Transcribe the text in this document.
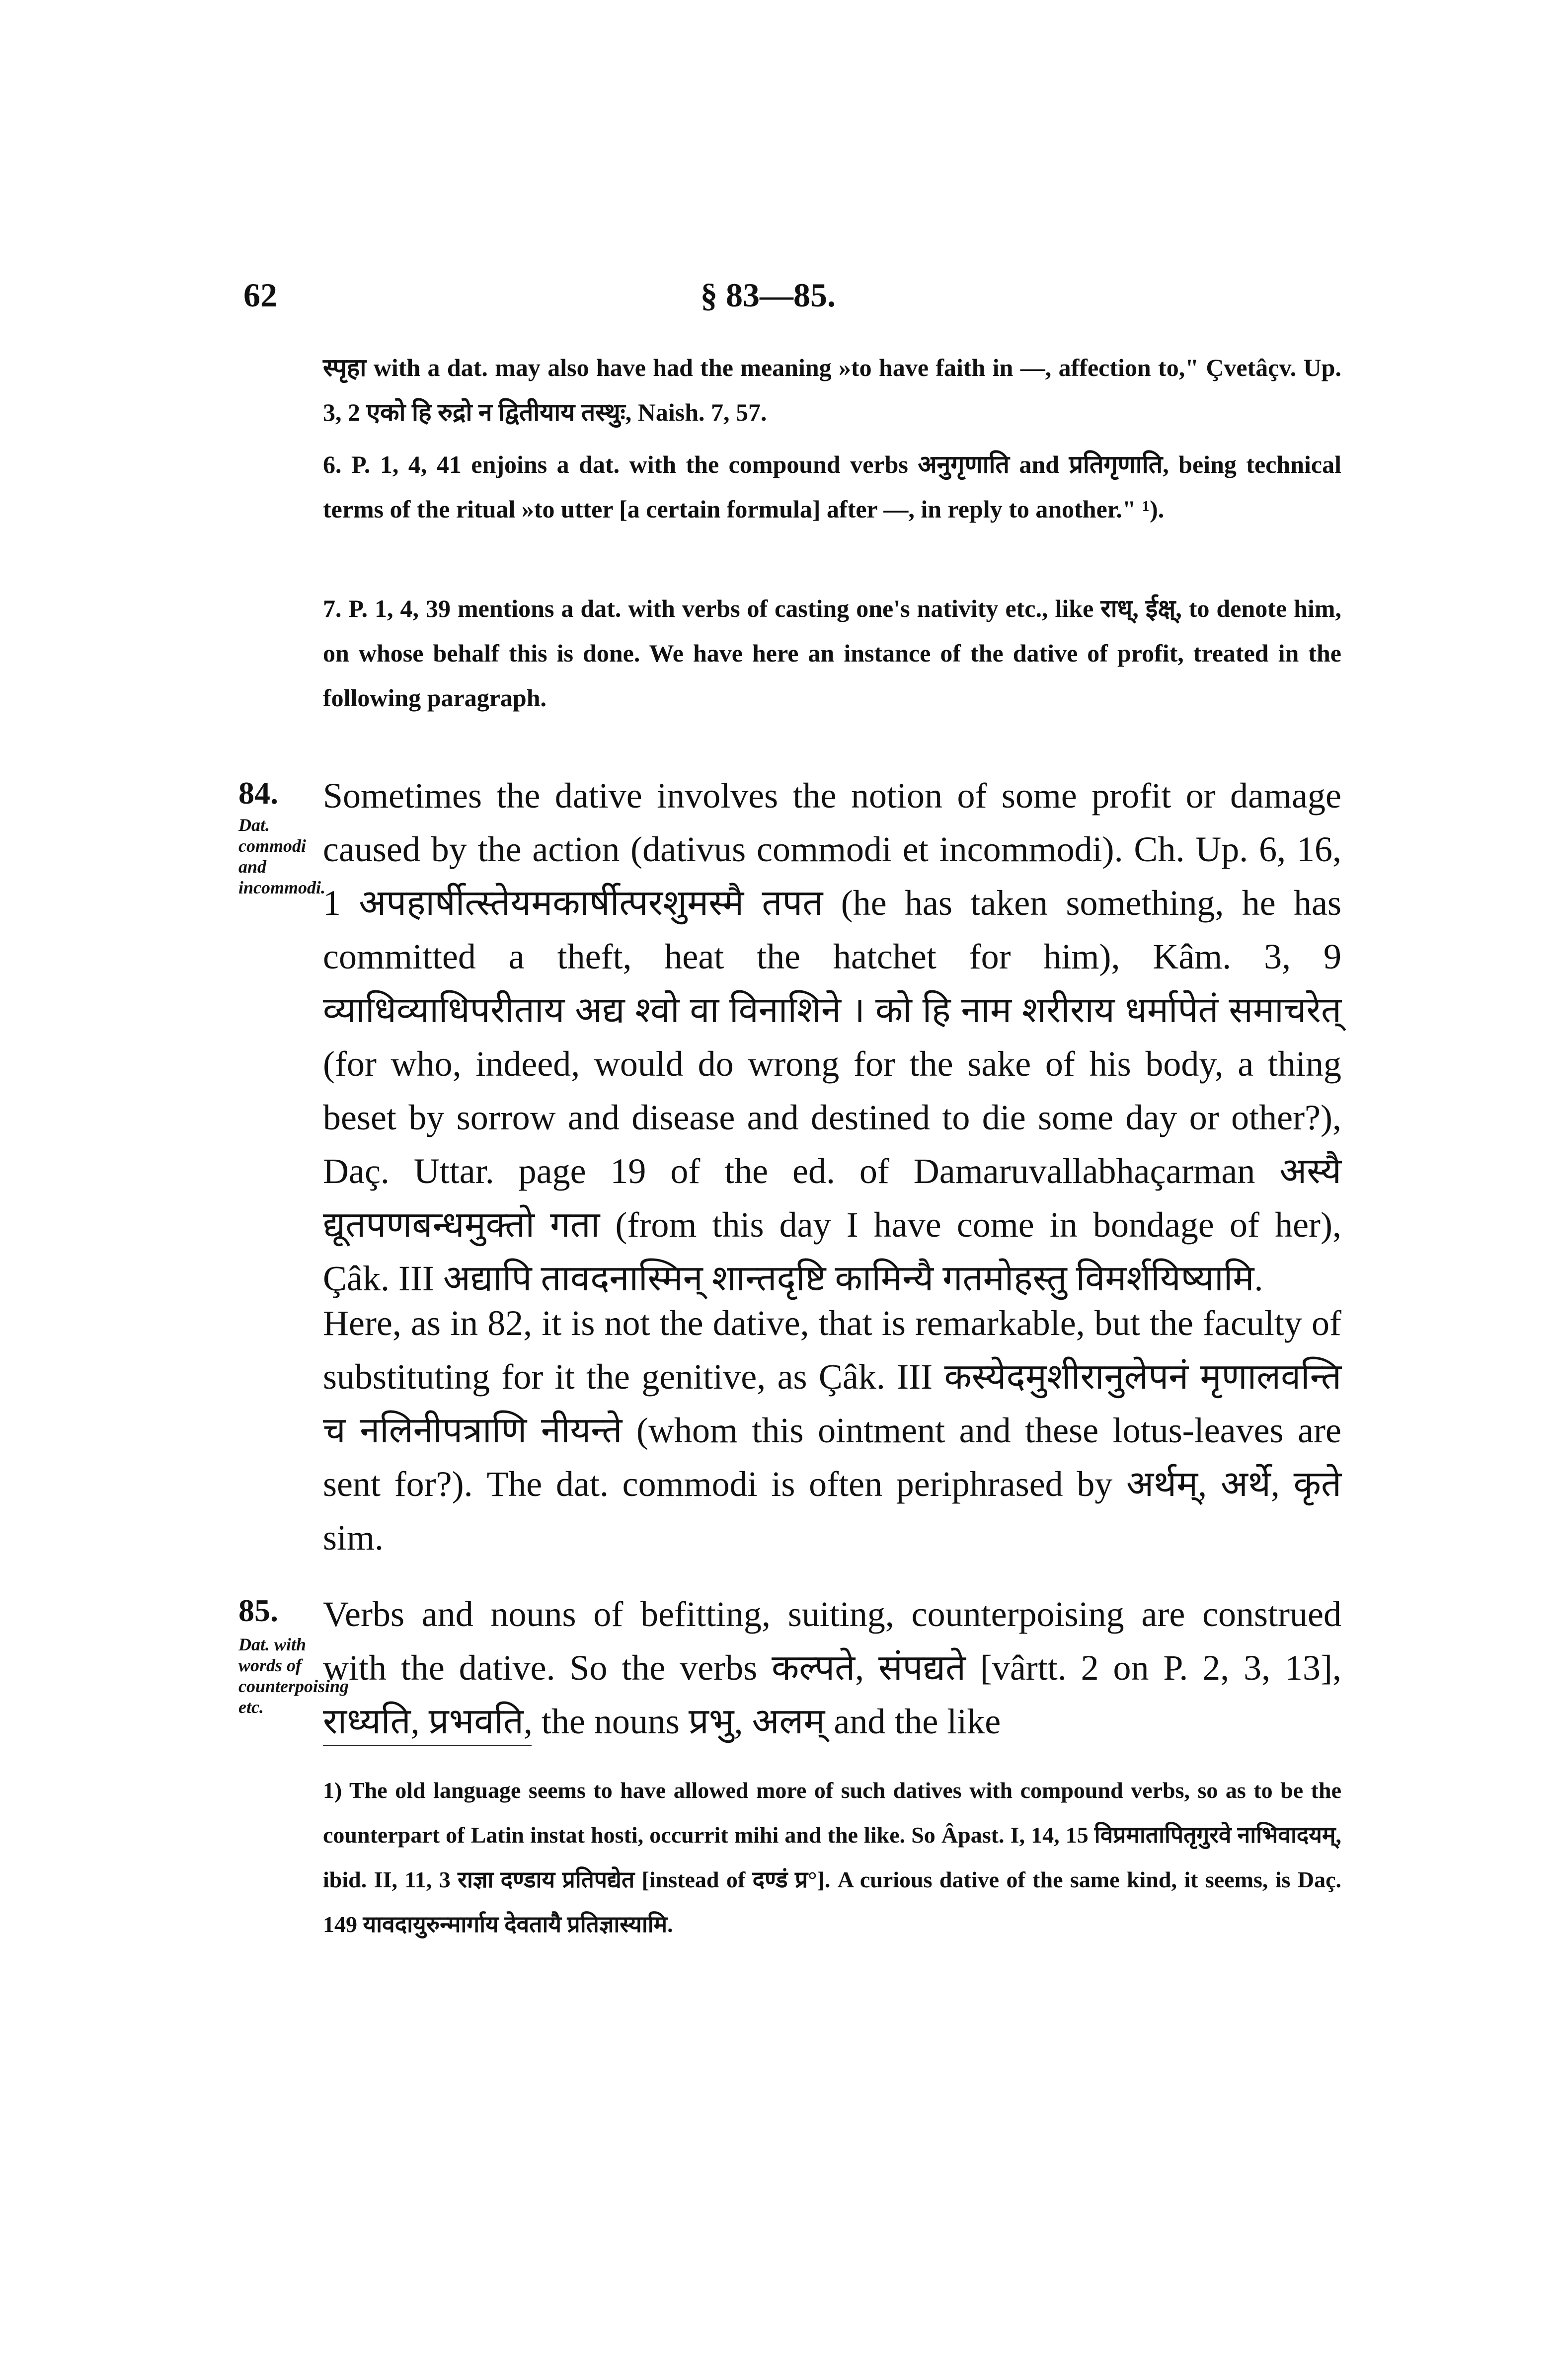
62	§ 83—85.
स्पृहा with a dat. may also have had the meaning »to have faith in —, affection to," Çvetâçv. Up. 3, 2 एको हि रुद्रो न द्वितीयाय तस्थुः, Naish. 7, 57.
6. P. 1, 4, 41 enjoins a dat. with the compound verbs अनुगृणाति and प्रतिगृणाति, being technical terms of the ritual »to utter [a certain formula] after —, in reply to another." ¹).
7. P. 1, 4, 39 mentions a dat. with verbs of casting one's nativity etc., like राध्, ईक्ष्, to denote him, on whose behalf this is done. We have here an instance of the dative of profit, treated in the following paragraph.
84.
Dat. commodi and incommodi.
Sometimes the dative involves the notion of some profit or damage caused by the action (dativus commodi et incommodi). Ch. Up. 6, 16, 1 अपहार्षीत्स्तेयमकार्षीत्परशुमस्मै तपत (he has taken something, he has committed a theft, heat the hatchet for him), Kâm. 3, 9 व्याधिव्याधिपरीताय अद्य श्वो वा विनाशिने । को हि नाम शरीराय धर्मापेतं समाचरेत् (for who, indeed, would do wrong for the sake of his body, a thing beset by sorrow and disease and destined to die some day or other?), Daç. Uttar. page 19 of the ed. of Damaruvallabhaçarman अस्यै द्यूतपणबन्धमुक्तो गता (from this day I have come in bondage of her), Çâk. III अद्यापि तावदनास्मिन् शान्तदृष्टि कामिन्यै गतमोहस्तु विमर्शयिष्यामि.
Here, as in 82, it is not the dative, that is remarkable, but the faculty of substituting for it the genitive, as Çâk. III कस्येदमुशीरानुलेपनं मृणालवन्ति च नलिनीपत्राणि नीयन्ते (whom this ointment and these lotus-leaves are sent for?). The dat. commodi is often periphrased by अर्थम्, अर्थे, कृते sim.
85.
Dat. with words of counterpoising etc.
Verbs and nouns of befitting, suiting, counterpoising are construed with the dative. So the verbs कल्पते, संपद्यते [vârtt. 2 on P. 2, 3, 13], राध्यति, प्रभवति, the nouns प्रभु, अलम् and the like
1) The old language seems to have allowed more of such datives with compound verbs, so as to be the counterpart of Latin instat hosti, occurrit mihi and the like. So Âpast. I, 14, 15 विप्रमातापितृगुरवे नाभिवादयम्, ibid. II, 11, 3 राज्ञा दण्डाय प्रतिपद्येत [instead of दण्डं प्र°]. A curious dative of the same kind, it seems, is Daç. 149 यावदायुरुन्मार्गाय देवतायै प्रतिज्ञास्यामि.
